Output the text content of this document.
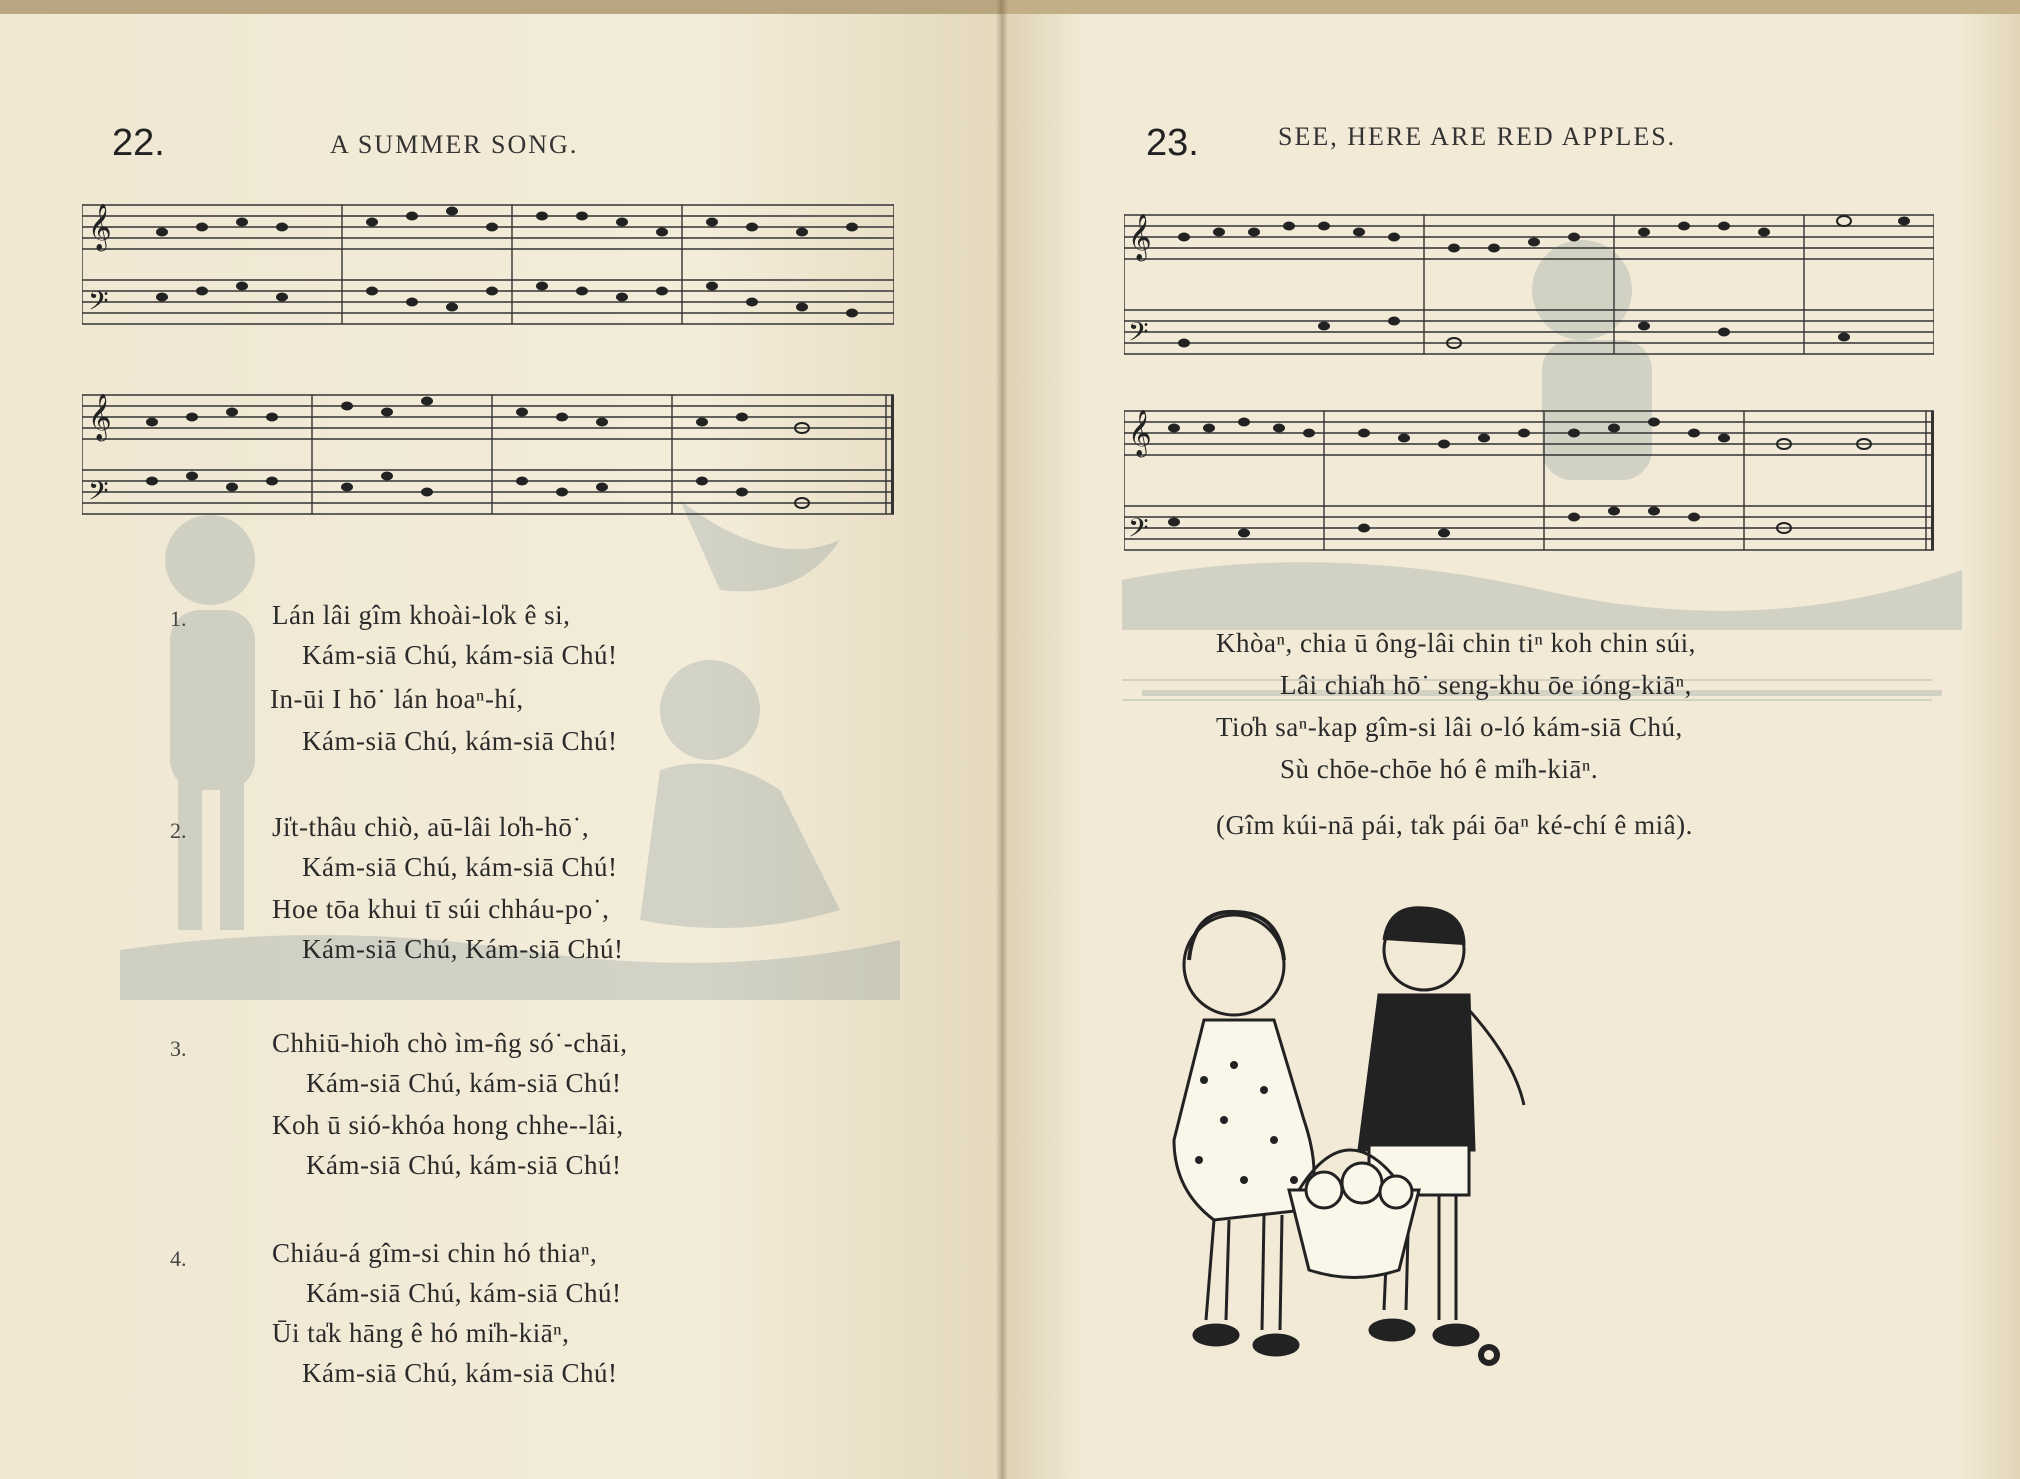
22.	A SUMMER SONG.
𝄞
𝄢
𝄞
𝄢
1.	Lán lâi gîm khoài-lo̍k ê si,
Kám-siā Chú, kám-siā Chú!
In-ūi I hō˙ lán hoaⁿ-hí,
Kám-siā Chú, kám-siā Chú!
2.	Ji̍t-thâu chiò, aū-lâi lo̍h-hō˙,
Kám-siā Chú, kám-siā Chú!
Hoe tōa khui tī súi chháu-po˙,
Kám-siā Chú, Kám-siā Chú!
3.	Chhiū-hio̍h chò ìm-n̂g só˙-chāi,
Kám-siā Chú, kám-siā Chú!
Koh ū sió-khóa hong chhe--lâi,
Kám-siā Chú, kám-siā Chú!
4.	Chiáu-á gîm-si chin hó thiaⁿ,
Kám-siā Chú, kám-siā Chú!
Ūi ta̍k hāng ê hó mi̍h-kiāⁿ,
Kám-siā Chú, kám-siā Chú!
23.	SEE, HERE ARE RED APPLES.
𝄞
𝄢
𝄞
𝄢
Khòaⁿ, chia ū ông-lâi chin tiⁿ koh chin súi,
Lâi chia̍h hō˙ seng-khu ōe ióng-kiāⁿ,
Tio̍h saⁿ-kap gîm-si lâi o-ló kám-siā Chú,
Sù chōe-chōe hó ê mi̍h-kiāⁿ.
(Gîm kúi-nā pái, ta̍k pái ōaⁿ ké-chí ê miâ).
